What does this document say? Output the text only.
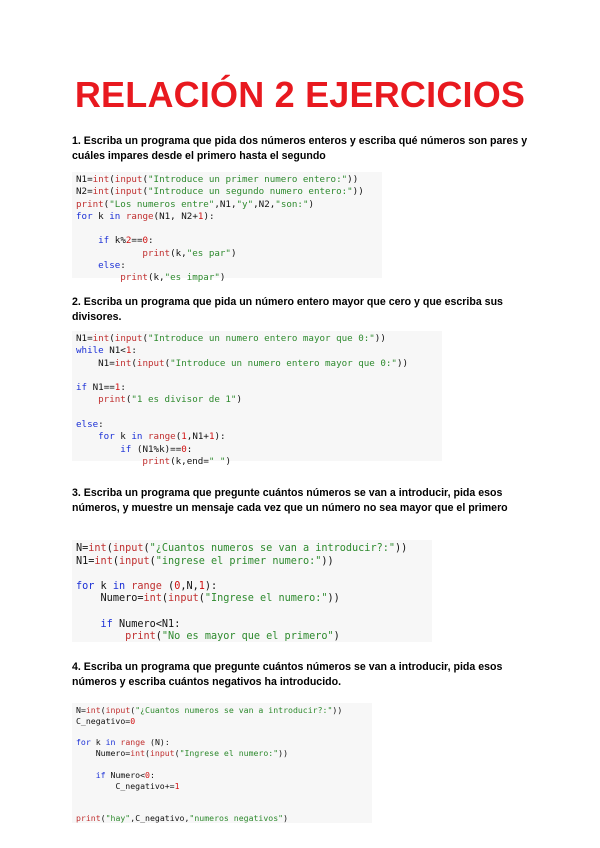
RELACIÓN 2 EJERCICIOS
1. Escriba un programa que pida dos números enteros y escriba qué números son pares y cuáles impares desde el primero hasta el segundo
N1=int(input("Introduce un primer numero entero:"))
N2=int(input("Introduce un segundo numero entero:"))
print("Los numeros entre",N1,"y",N2,"son:")
for k in range(N1, N2+1):
if k%2==0:
print(k,"es par")
else:
print(k,"es impar")
2. Escriba un programa que pida un número entero mayor que cero y que escriba sus divisores.
N1=int(input("Introduce un numero entero mayor que 0:"))
while N1<1:
N1=int(input("Introduce un numero entero mayor que 0:"))
if N1==1:
print("1 es divisor de 1")
else:
for k in range(1,N1+1):
if (N1%k)==0:
print(k,end=" ")
3. Escriba un programa que pregunte cuántos números se van a introducir, pida esos números, y muestre un mensaje cada vez que un número no sea mayor que el primero
N=int(input("¿Cuantos numeros se van a introducir?:"))
N1=int(input("ingrese el primer numero:"))
for k in range (0,N,1):
Numero=int(input("Ingrese el numero:"))
if Numero<N1:
print("No es mayor que el primero")
4. Escriba un programa que pregunte cuántos números se van a introducir, pida esos números y escriba cuántos negativos ha introducido.
N=int(input("¿Cuantos numeros se van a introducir?:"))
C_negativo=0
for k in range (N):
Numero=int(input("Ingrese el numero:"))
if Numero<0:
C_negativo+=1
print("hay",C_negativo,"numeros negativos")
